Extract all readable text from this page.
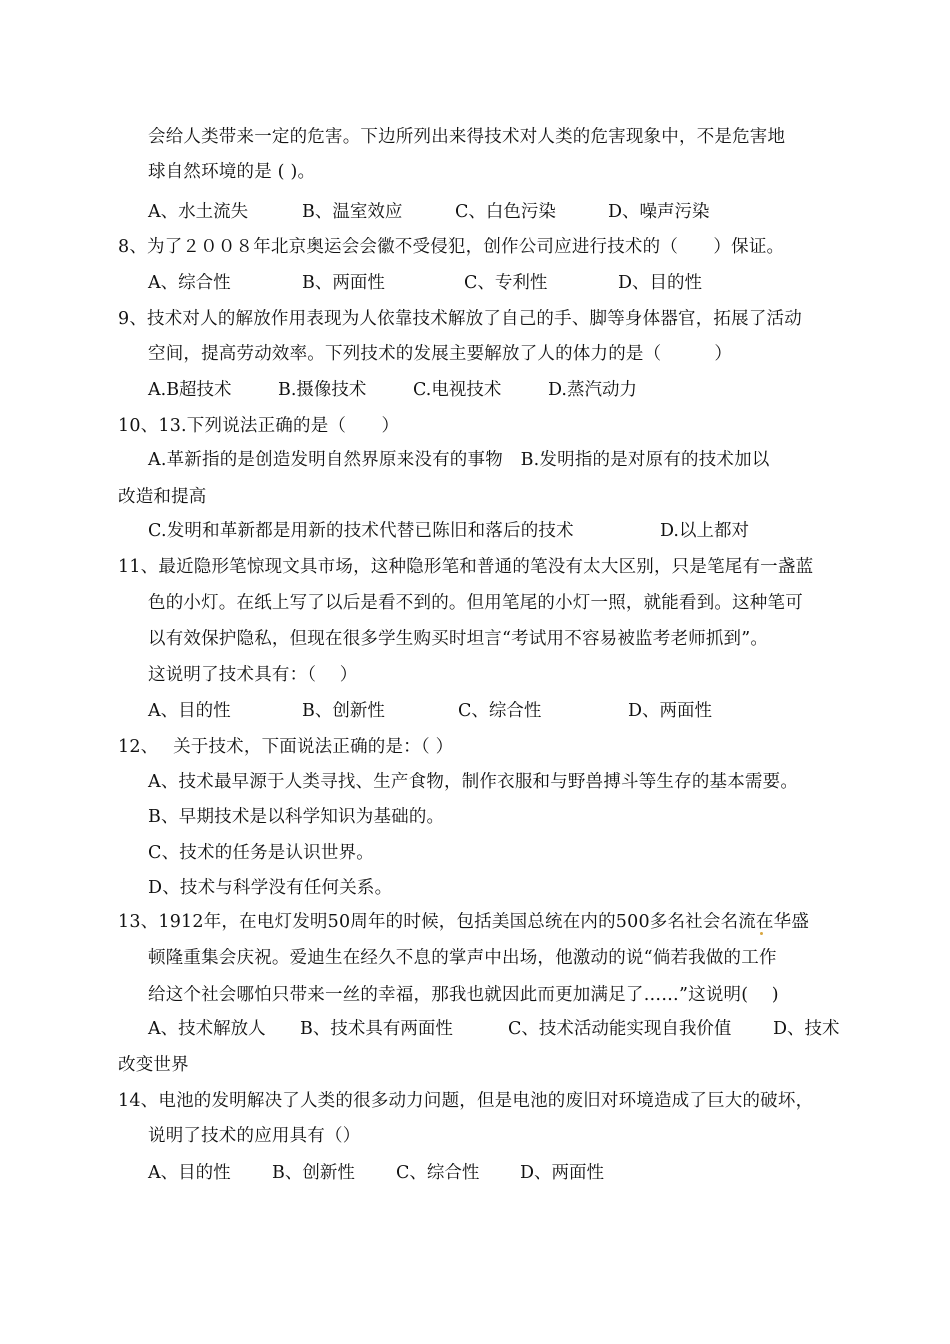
会给人类带来一定的危害。下边所列出来得技术对人类的危害现象中，不是危害地
球自然环境的是 ( )。
A、水土流失	B、温室效应	C、白色污染	D、噪声污染
8、为了２００８年北京奥运会会徽不受侵犯，创作公司应进行技术的（　　）保证。
A、综合性	B、两面性	C、专利性	D、目的性
9、技术对人的解放作用表现为人依靠技术解放了自己的手、脚等身体器官，拓展了活动
空间，提高劳动效率。下列技术的发展主要解放了人的体力的是（　　　）
A.B超技术	B.摄像技术	C.电视技术	D.蒸汽动力
10、13.下列说法正确的是（　　）
A.革新指的是创造发明自然界原来没有的事物　B.发明指的是对原有的技术加以
改造和提高
C.发明和革新都是用新的技术代替已陈旧和落后的技术	D.以上都对
11、最近隐形笔惊现文具市场，这种隐形笔和普通的笔没有太大区别，只是笔尾有一盏蓝
色的小灯。在纸上写了以后是看不到的。但用笔尾的小灯一照，就能看到。这种笔可
以有效保护隐私，但现在很多学生购买时坦言“考试用不容易被监考老师抓到”。
这说明了技术具有：（　 ）
A、目的性	B、创新性	C、综合性	D、两面性
12、　 关于技术，下面说法正确的是：（ ）
A、技术最早源于人类寻找、生产食物，制作衣服和与野兽搏斗等生存的基本需要。
B、早期技术是以科学知识为基础的。
C、技术的任务是认识世界。
D、技术与科学没有任何关系。
13、1912年，在电灯发明50周年的时候，包括美国总统在内的500多名社会名流在华盛
顿隆重集会庆祝。爱迪生在经久不息的掌声中出场，他激动的说“倘若我做的工作
给这个社会哪怕只带来一丝的幸福，那我也就因此而更加满足了……”这说明(　 )
A、技术解放人 B、技术具有两面性	C、技术活动能实现自我价值 D、技术
改变世界
14、电池的发明解决了人类的很多动力问题，但是电池的废旧对环境造成了巨大的破坏，
说明了技术的应用具有（）
A、目的性 B、创新性 C、综合性 D、两面性
